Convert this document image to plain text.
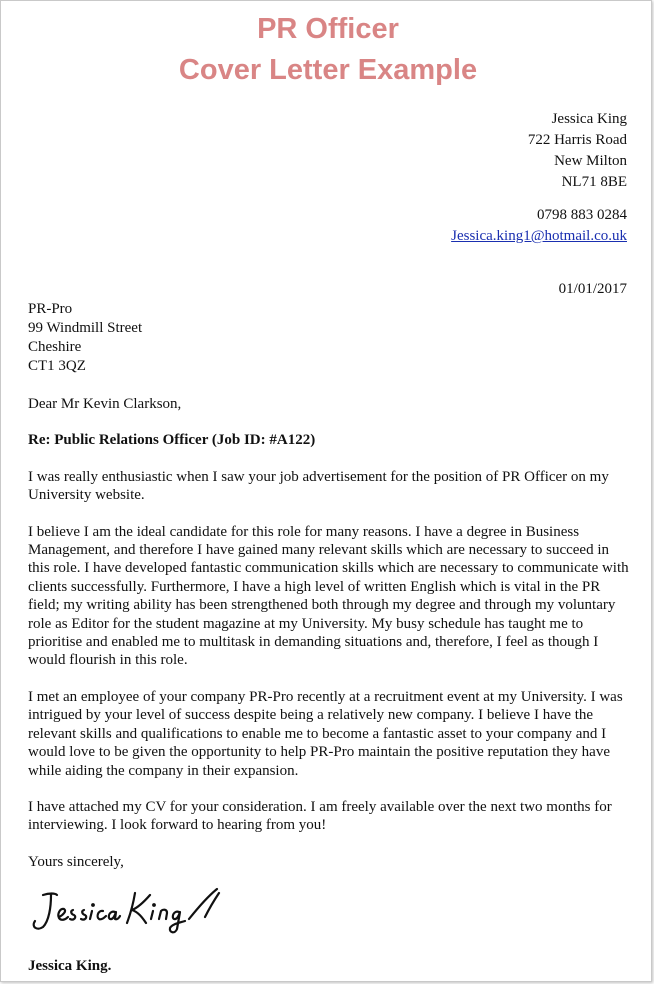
PR Officer
Cover Letter Example
Jessica King
722 Harris Road
New Milton
NL71 8BE
0798 883 0284
Jessica.king1@hotmail.co.uk
01/01/2017
PR-Pro
99 Windmill Street
Cheshire
CT1 3QZ

Dear Mr Kevin Clarkson,

Re: Public Relations Officer (Job ID: #A122)

I was really enthusiastic when I saw your job advertisement for the position of PR Officer on my University website.

I believe I am the ideal candidate for this role for many reasons. I have a degree in Business Management, and therefore I have gained many relevant skills which are necessary to succeed in this role. I have developed fantastic communication skills which are necessary to communicate with clients successfully. Furthermore, I have a high level of written English which is vital in the PR field; my writing ability has been strengthened both through my degree and through my voluntary role as Editor for the student magazine at my University. My busy schedule has taught me to prioritise and enabled me to multitask in demanding situations and, therefore, I feel as though I would flourish in this role.

I met an employee of your company PR-Pro recently at a recruitment event at my University. I was intrigued by your level of success despite being a relatively new company. I believe I have the relevant skills and qualifications to enable me to become a fantastic asset to your company and I would love to be given the opportunity to help PR-Pro maintain the positive reputation they have while aiding the company in their expansion.

I have attached my CV for your consideration. I am freely available over the next two months for interviewing. I look forward to hearing from you!

Yours sincerely,

Jessica King.
